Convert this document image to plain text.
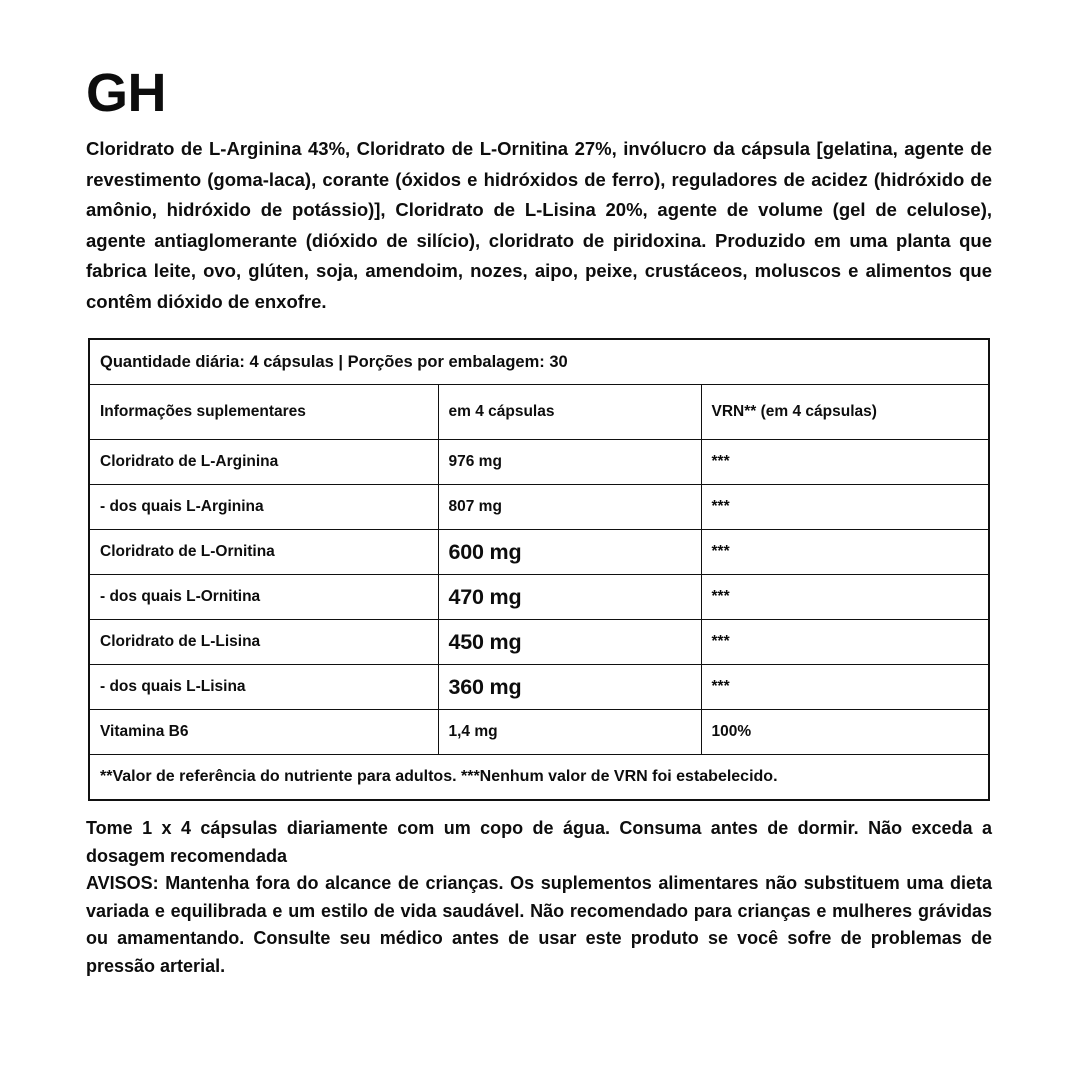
GH

Cloridrato de L-Arginina 43%, Cloridrato de L-Ornitina 27%, invólucro da cápsula [gelatina, agente de revestimento (goma-laca), corante (óxidos e hidróxidos de ferro), reguladores de acidez (hidróxido de amônio, hidróxido de potássio)], Cloridrato de L-Lisina 20%, agente de volume (gel de celulose), agente antiaglomerante (dióxido de silício), cloridrato de piridoxina. Produzido em uma planta que fabrica leite, ovo, glúten, soja, amendoim, nozes, aipo, peixe, crustáceos, moluscos e alimentos que contêm dióxido de enxofre.

Quantidade diária: 4 cápsulas | Porções por embalagem: 30		
Informações suplementares	em 4 cápsulas	VRN** (em 4 cápsulas)
Cloridrato de L-Arginina	976 mg	***
- dos quais L-Arginina	807 mg	***
Cloridrato de L-Ornitina	600 mg	***
- dos quais L-Ornitina	470 mg	***
Cloridrato de L-Lisina	450 mg	***
- dos quais L-Lisina	360 mg	***
Vitamina B6	1,4 mg	100%
**Valor de referência do nutriente para adultos. ***Nenhum valor de VRN foi estabelecido.		
Tome 1 x 4 cápsulas diariamente com um copo de água. Consuma antes de dormir. Não exceda a dosagem recomendada
AVISOS: Mantenha fora do alcance de crianças. Os suplementos alimentares não substituem uma dieta variada e equilibrada e um estilo de vida saudável. Não recomendado para crianças e mulheres grávidas ou amamentando. Consulte seu médico antes de usar este produto se você sofre de problemas de pressão arterial.
